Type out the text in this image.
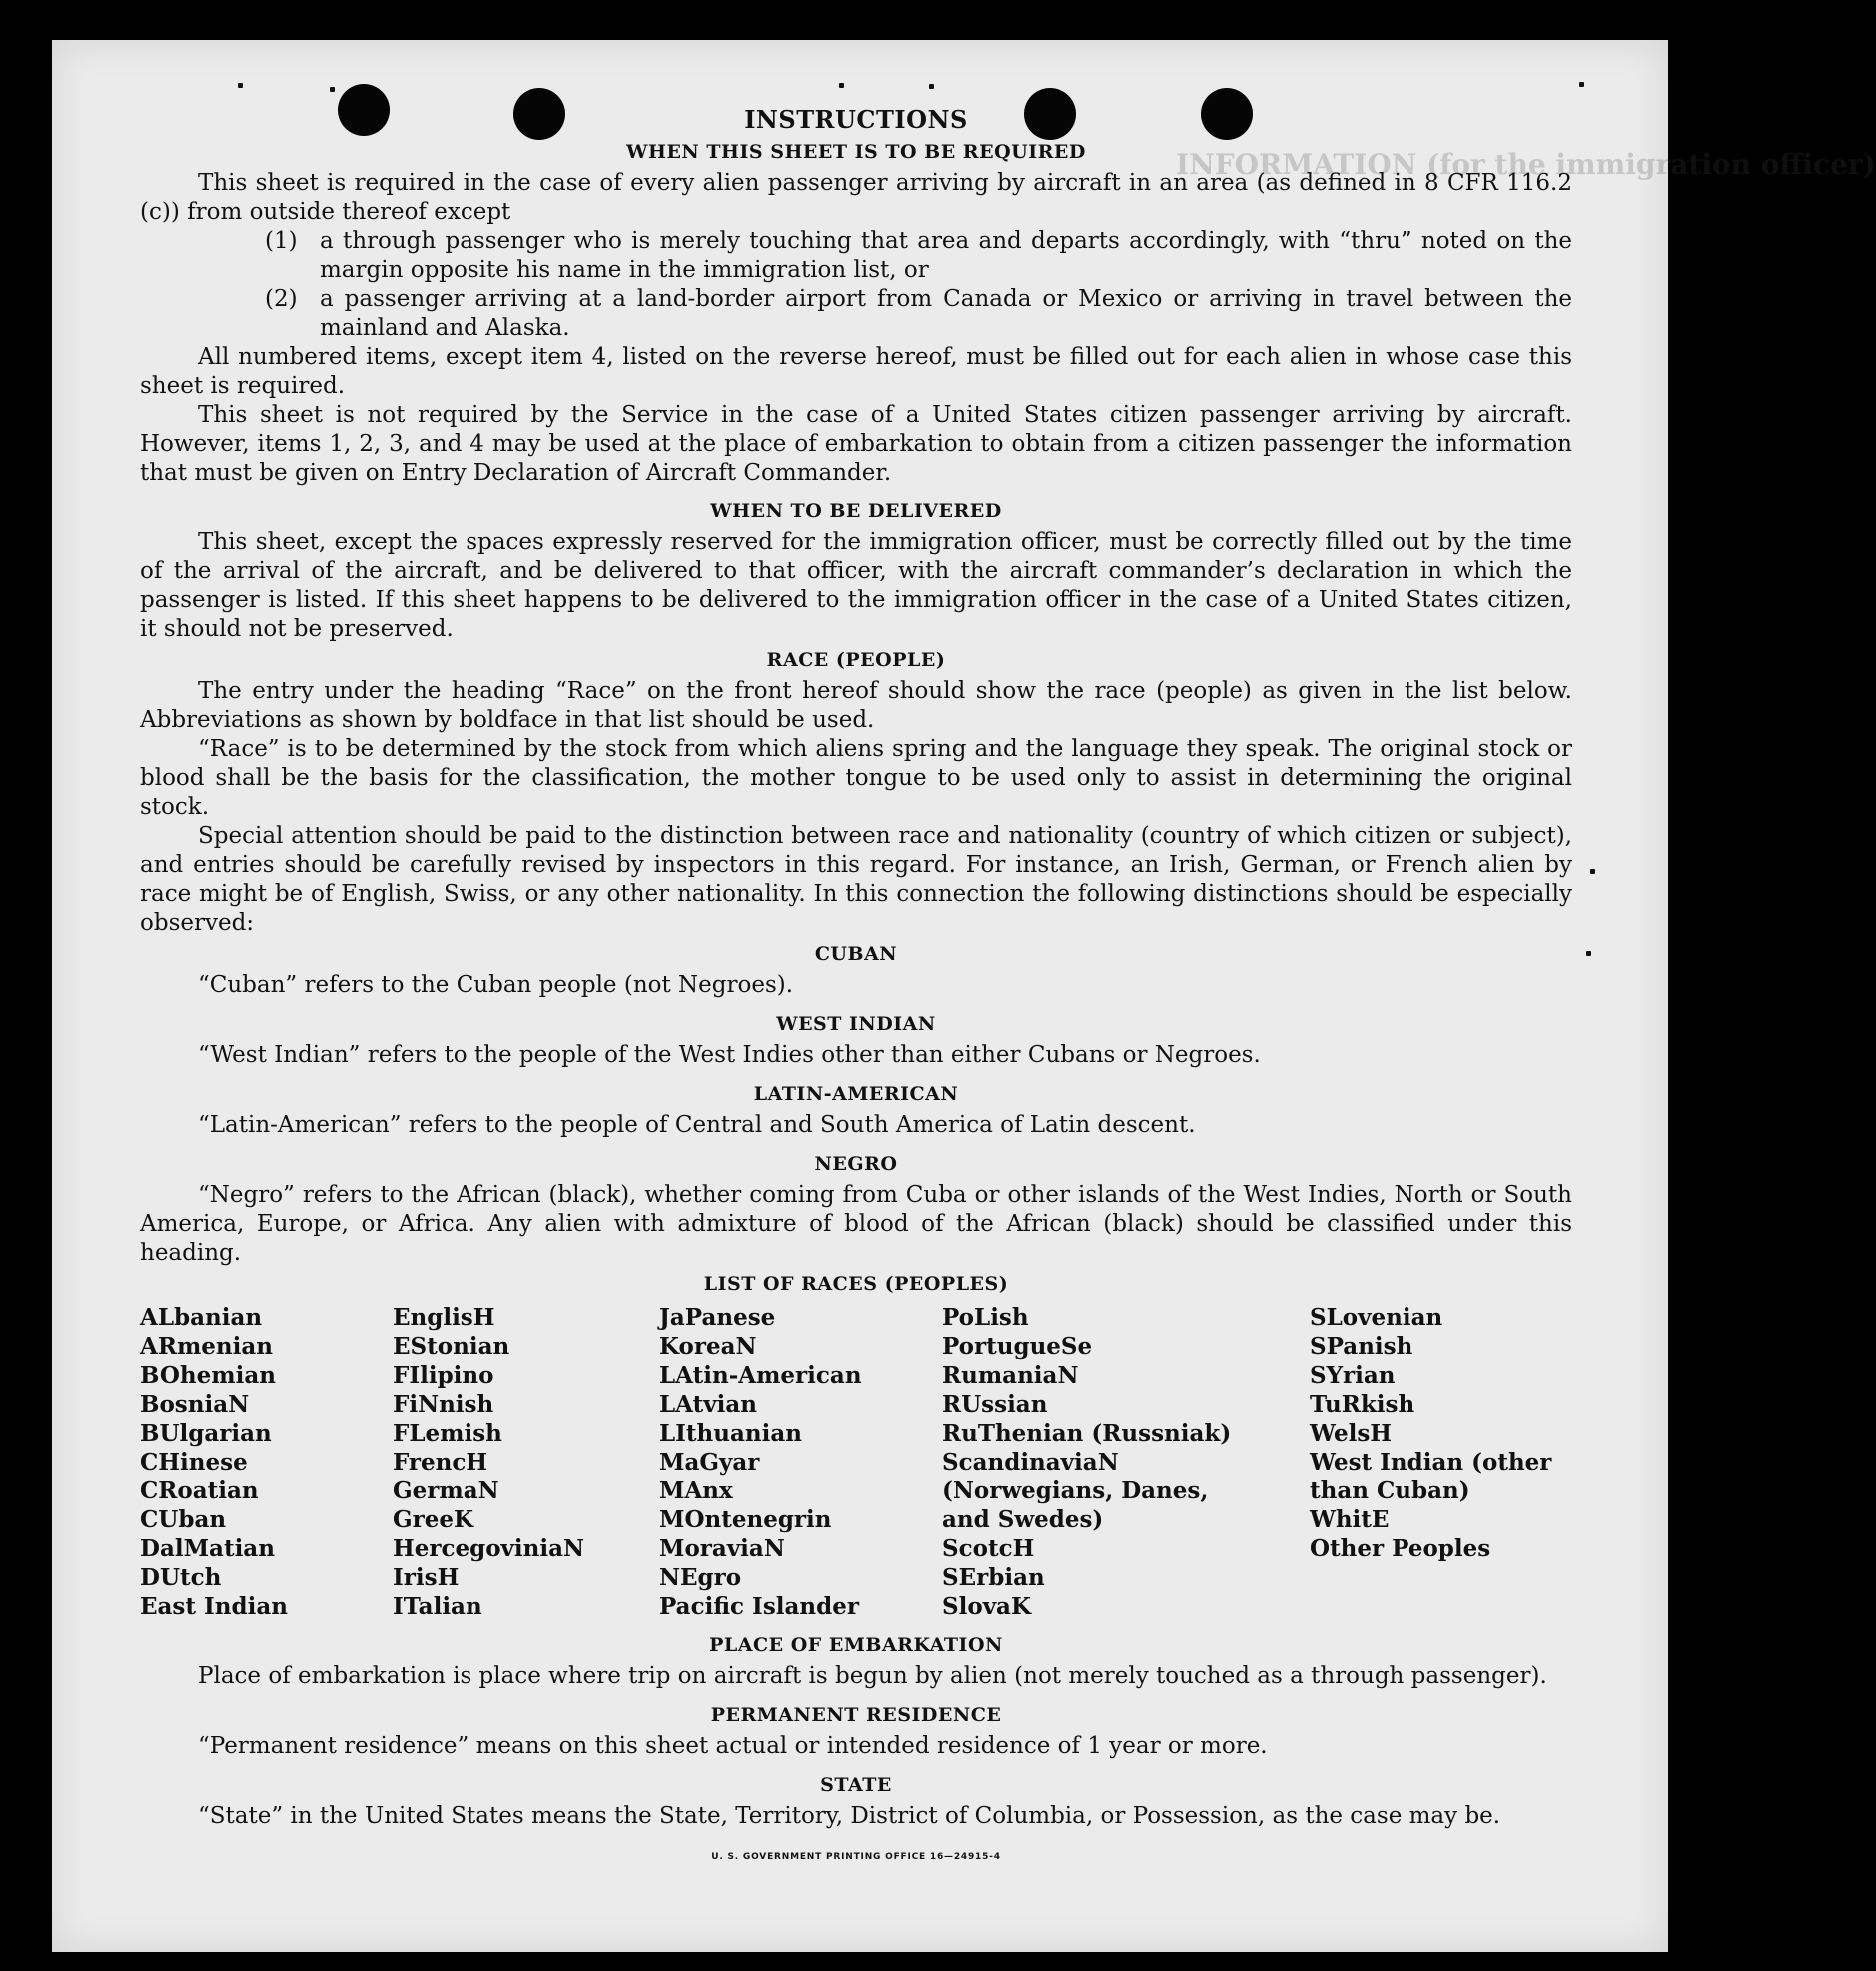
INFORMATION (for the immigration officer)
INSTRUCTIONS
WHEN THIS SHEET IS TO BE REQUIRED

This sheet is required in the case of every alien passenger arriving by aircraft in an area (as defined in 8 CFR 116.2 (c)) from outside thereof except

(1) a through passenger who is merely touching that area and departs accordingly, with “thru” noted on the margin opposite his name in the immigration list, or
(2) a passenger arriving at a land-border airport from Canada or Mexico or arriving in travel between the mainland and Alaska.

All numbered items, except item 4, listed on the reverse hereof, must be filled out for each alien in whose case this sheet is required.

This sheet is not required by the Service in the case of a United States citizen passenger arriving by aircraft. However, items 1, 2, 3, and 4 may be used at the place of embarkation to obtain from a citizen passenger the information that must be given on Entry Declaration of Aircraft Commander.

WHEN TO BE DELIVERED

This sheet, except the spaces expressly reserved for the immigration officer, must be correctly filled out by the time of the arrival of the aircraft, and be delivered to that officer, with the aircraft commander’s declaration in which the passenger is listed. If this sheet happens to be delivered to the immigration officer in the case of a United States citizen, it should not be preserved.

RACE (PEOPLE)

The entry under the heading “Race” on the front hereof should show the race (people) as given in the list below. Abbreviations as shown by boldface in that list should be used.

“Race” is to be determined by the stock from which aliens spring and the language they speak. The original stock or blood shall be the basis for the classification, the mother tongue to be used only to assist in determining the original stock.

Special attention should be paid to the distinction between race and nationality (country of which citizen or subject), and entries should be carefully revised by inspectors in this regard. For instance, an Irish, German, or French alien by race might be of English, Swiss, or any other nationality. In this connection the following distinctions should be especially observed:

CUBAN

“Cuban” refers to the Cuban people (not Negroes).

WEST INDIAN

“West Indian” refers to the people of the West Indies other than either Cubans or Negroes.

LATIN-AMERICAN

“Latin-American” refers to the people of Central and South America of Latin descent.

NEGRO

“Negro” refers to the African (black), whether coming from Cuba or other islands of the West Indies, North or South America, Europe, or Africa. Any alien with admixture of blood of the African (black) should be classified under this heading.

LIST OF RACES (PEOPLES)
ALbanian
ARmenian
BOhemian
BosniaN
BUlgarian
CHinese
CRoatian
CUban
DalMatian
DUtch
East Indian
EnglisH
EStonian
FIlipino
FiNnish
FLemish
FrencH
GermaN
GreeK
HercegoviniaN
IrisH
ITalian
JaPanese
KoreaN
LAtin-American
LAtvian
LIthuanian
MaGyar
MAnx
MOntenegrin
MoraviaN
NEgro
Pacific Islander
PoLish
PortugueSe
RumaniaN
RUssian
RuThenian (Russniak)
ScandinaviaN (Norwegians, Danes, and Swedes)
ScotcH
SErbian
SlovaK
SLovenian
SPanish
SYrian
TuRkish
WelsH
West Indian (other than Cuban)
WhitE
Other Peoples
PLACE OF EMBARKATION

Place of embarkation is place where trip on aircraft is begun by alien (not merely touched as a through passenger).

PERMANENT RESIDENCE

“Permanent residence” means on this sheet actual or intended residence of 1 year or more.

STATE

“State” in the United States means the State, Territory, District of Columbia, or Possession, as the case may be.

U. S. GOVERNMENT PRINTING OFFICE 16—24915-4
